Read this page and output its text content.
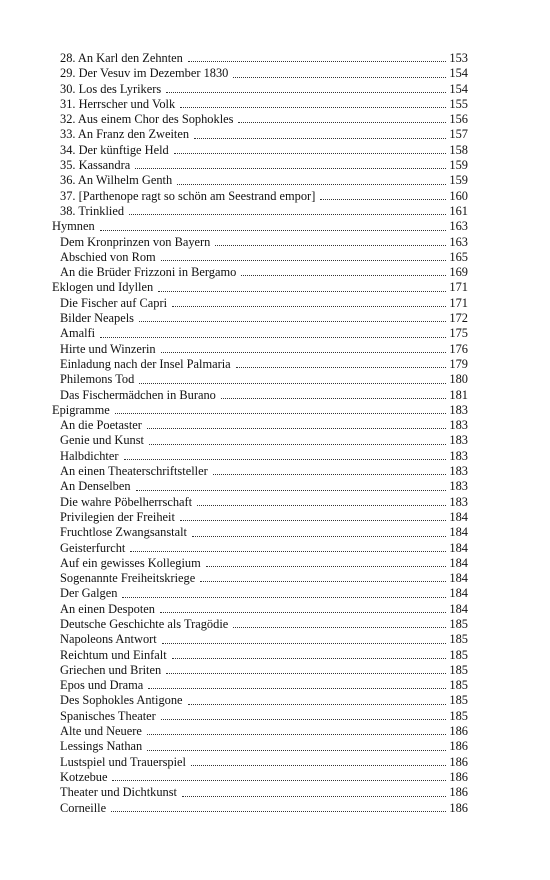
28. An Karl den Zehnten	153
29. Der Vesuv im Dezember 1830	154
30. Los des Lyrikers	154
31. Herrscher und Volk	155
32. Aus einem Chor des Sophokles	156
33. An Franz den Zweiten	157
34. Der künftige Held	158
35. Kassandra	159
36. An Wilhelm Genth	159
37. [Parthenope ragt so schön am Seestrand empor]	160
38. Trinklied	161
Hymnen	163
Dem Kronprinzen von Bayern	163
Abschied von Rom	165
An die Brüder Frizzoni in Bergamo	169
Eklogen und Idyllen	171
Die Fischer auf Capri	171
Bilder Neapels	172
Amalfi	175
Hirte und Winzerin	176
Einladung nach der Insel Palmaria	179
Philemons Tod	180
Das Fischermädchen in Burano	181
Epigramme	183
An die Poetaster	183
Genie und Kunst	183
Halbdichter	183
An einen Theaterschriftsteller	183
An Denselben	183
Die wahre Pöbelherrschaft	183
Privilegien der Freiheit	184
Fruchtlose Zwangsanstalt	184
Geisterfurcht	184
Auf ein gewisses Kollegium	184
Sogenannte Freiheitskriege	184
Der Galgen	184
An einen Despoten	184
Deutsche Geschichte als Tragödie	185
Napoleons Antwort	185
Reichtum und Einfalt	185
Griechen und Briten	185
Epos und Drama	185
Des Sophokles Antigone	185
Spanisches Theater	185
Alte und Neuere	186
Lessings Nathan	186
Lustspiel und Trauerspiel	186
Kotzebue	186
Theater und Dichtkunst	186
Corneille	186
